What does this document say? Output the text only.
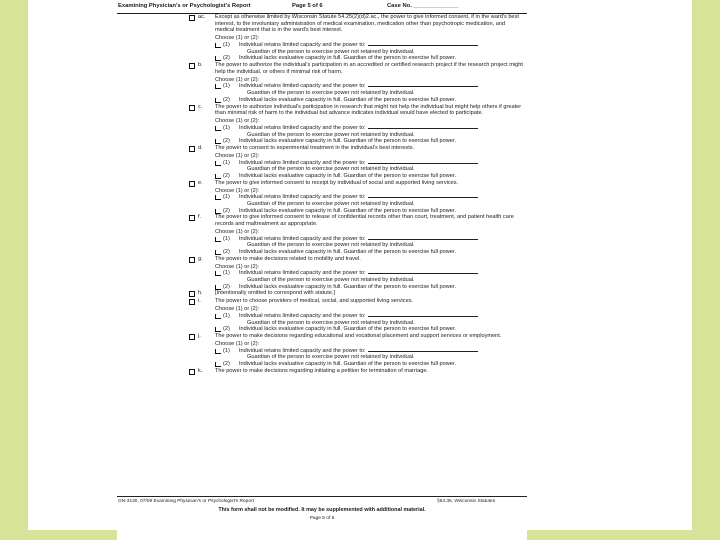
Examining Physician's or Psychologist's Report	Page 5 of 6	Case No. ______________
ac. Except as otherwise limited by Wisconsin Statute 54.25(2)(d)2.ac., the power to give informed consent, if in the ward's best interest, to the involuntary administration of medical examination, medication other than psychotropic medication, and medical treatment that is in the ward's best interest.
Choose (1) or (2):
(1)	Individual retains limited capacity and the power to:
Guardian of the person to exercise power not retained by individual.
(2)	Individual lacks evaluative capacity in full. Guardian of the person to exercise full power.
b. The power to authorize the individual's participation in an accredited or certified research project if the research project might help the individual, or others if minimal risk of harm.
Choose (1) or (2):
(1)	Individual retains limited capacity and the power to:
Guardian of the person to exercise power not retained by individual.
(2)	Individual lacks evaluative capacity in full. Guardian of the person to exercise full power.
c. The power to authorize individual's participation in research that might not help the individual but might help others if greater than minimal risk of harm to the individual but advance indicates individual would have elected to participate.
Choose (1) or (2):
(1)	Individual retains limited capacity and the power to:
Guardian of the person to exercise power not retained by individual.
(2)	Individual lacks evaluative capacity in full. Guardian of the person to exercise full power.
d. The power to consent to experimental treatment in the individual's best interests.
Choose (1) or (2):
(1)	Individual retains limited capacity and the power to:
Guardian of the person to exercise power not retained by individual.
(2)	Individual lacks evaluative capacity in full. Guardian of the person to exercise full power.
e. The power to give informed consent to receipt by individual of social and supported living services.
Choose (1) or (2):
(1)	Individual retains limited capacity and the power to:
Guardian of the person to exercise power not retained by individual.
(2)	Individual lacks evaluative capacity in full. Guardian of the person to exercise full power.
f. The power to give informed consent to release of confidential records other than court, treatment, and patient health care records and maltreatment as appropriate.
Choose (1) or (2):
(1)	Individual retains limited capacity and the power to:
Guardian of the person to exercise power not retained by individual.
(2)	Individual lacks evaluative capacity in full. Guardian of the person to exercise full power.
g. The power to make decisions related to mobility and travel.
Choose (1) or (2):
(1)	Individual retains limited capacity and the power to:
Guardian of the person to exercise power not retained by individual.
(2)	Individual lacks evaluative capacity in full. Guardian of the person to exercise full power.
h. [Intentionally omitted to correspond with statute.]
i.	The power to choose providers of medical, social, and supported living services.
Choose (1) or (2):
(1)	Individual retains limited capacity and the power to:
Guardian of the person to exercise power not retained by individual.
(2)	Individual lacks evaluative capacity in full. Guardian of the person to exercise full power.
j.	The power to make decisions regarding educational and vocational placement and support services or employment.
Choose (1) or (2):
(1)	Individual retains limited capacity and the power to:
Guardian of the person to exercise power not retained by individual.
(2)	Individual lacks evaluative capacity in full. Guardian of the person to exercise full power.
k. The power to make decisions regarding initiating a petition for termination of marriage.
GN-3130, 07/09 Examining Physician's or Psychologist's Report	§54.36, Wisconsin Statutes
This form shall not be modified. It may be supplemented with additional material.
Page 5 of 6
